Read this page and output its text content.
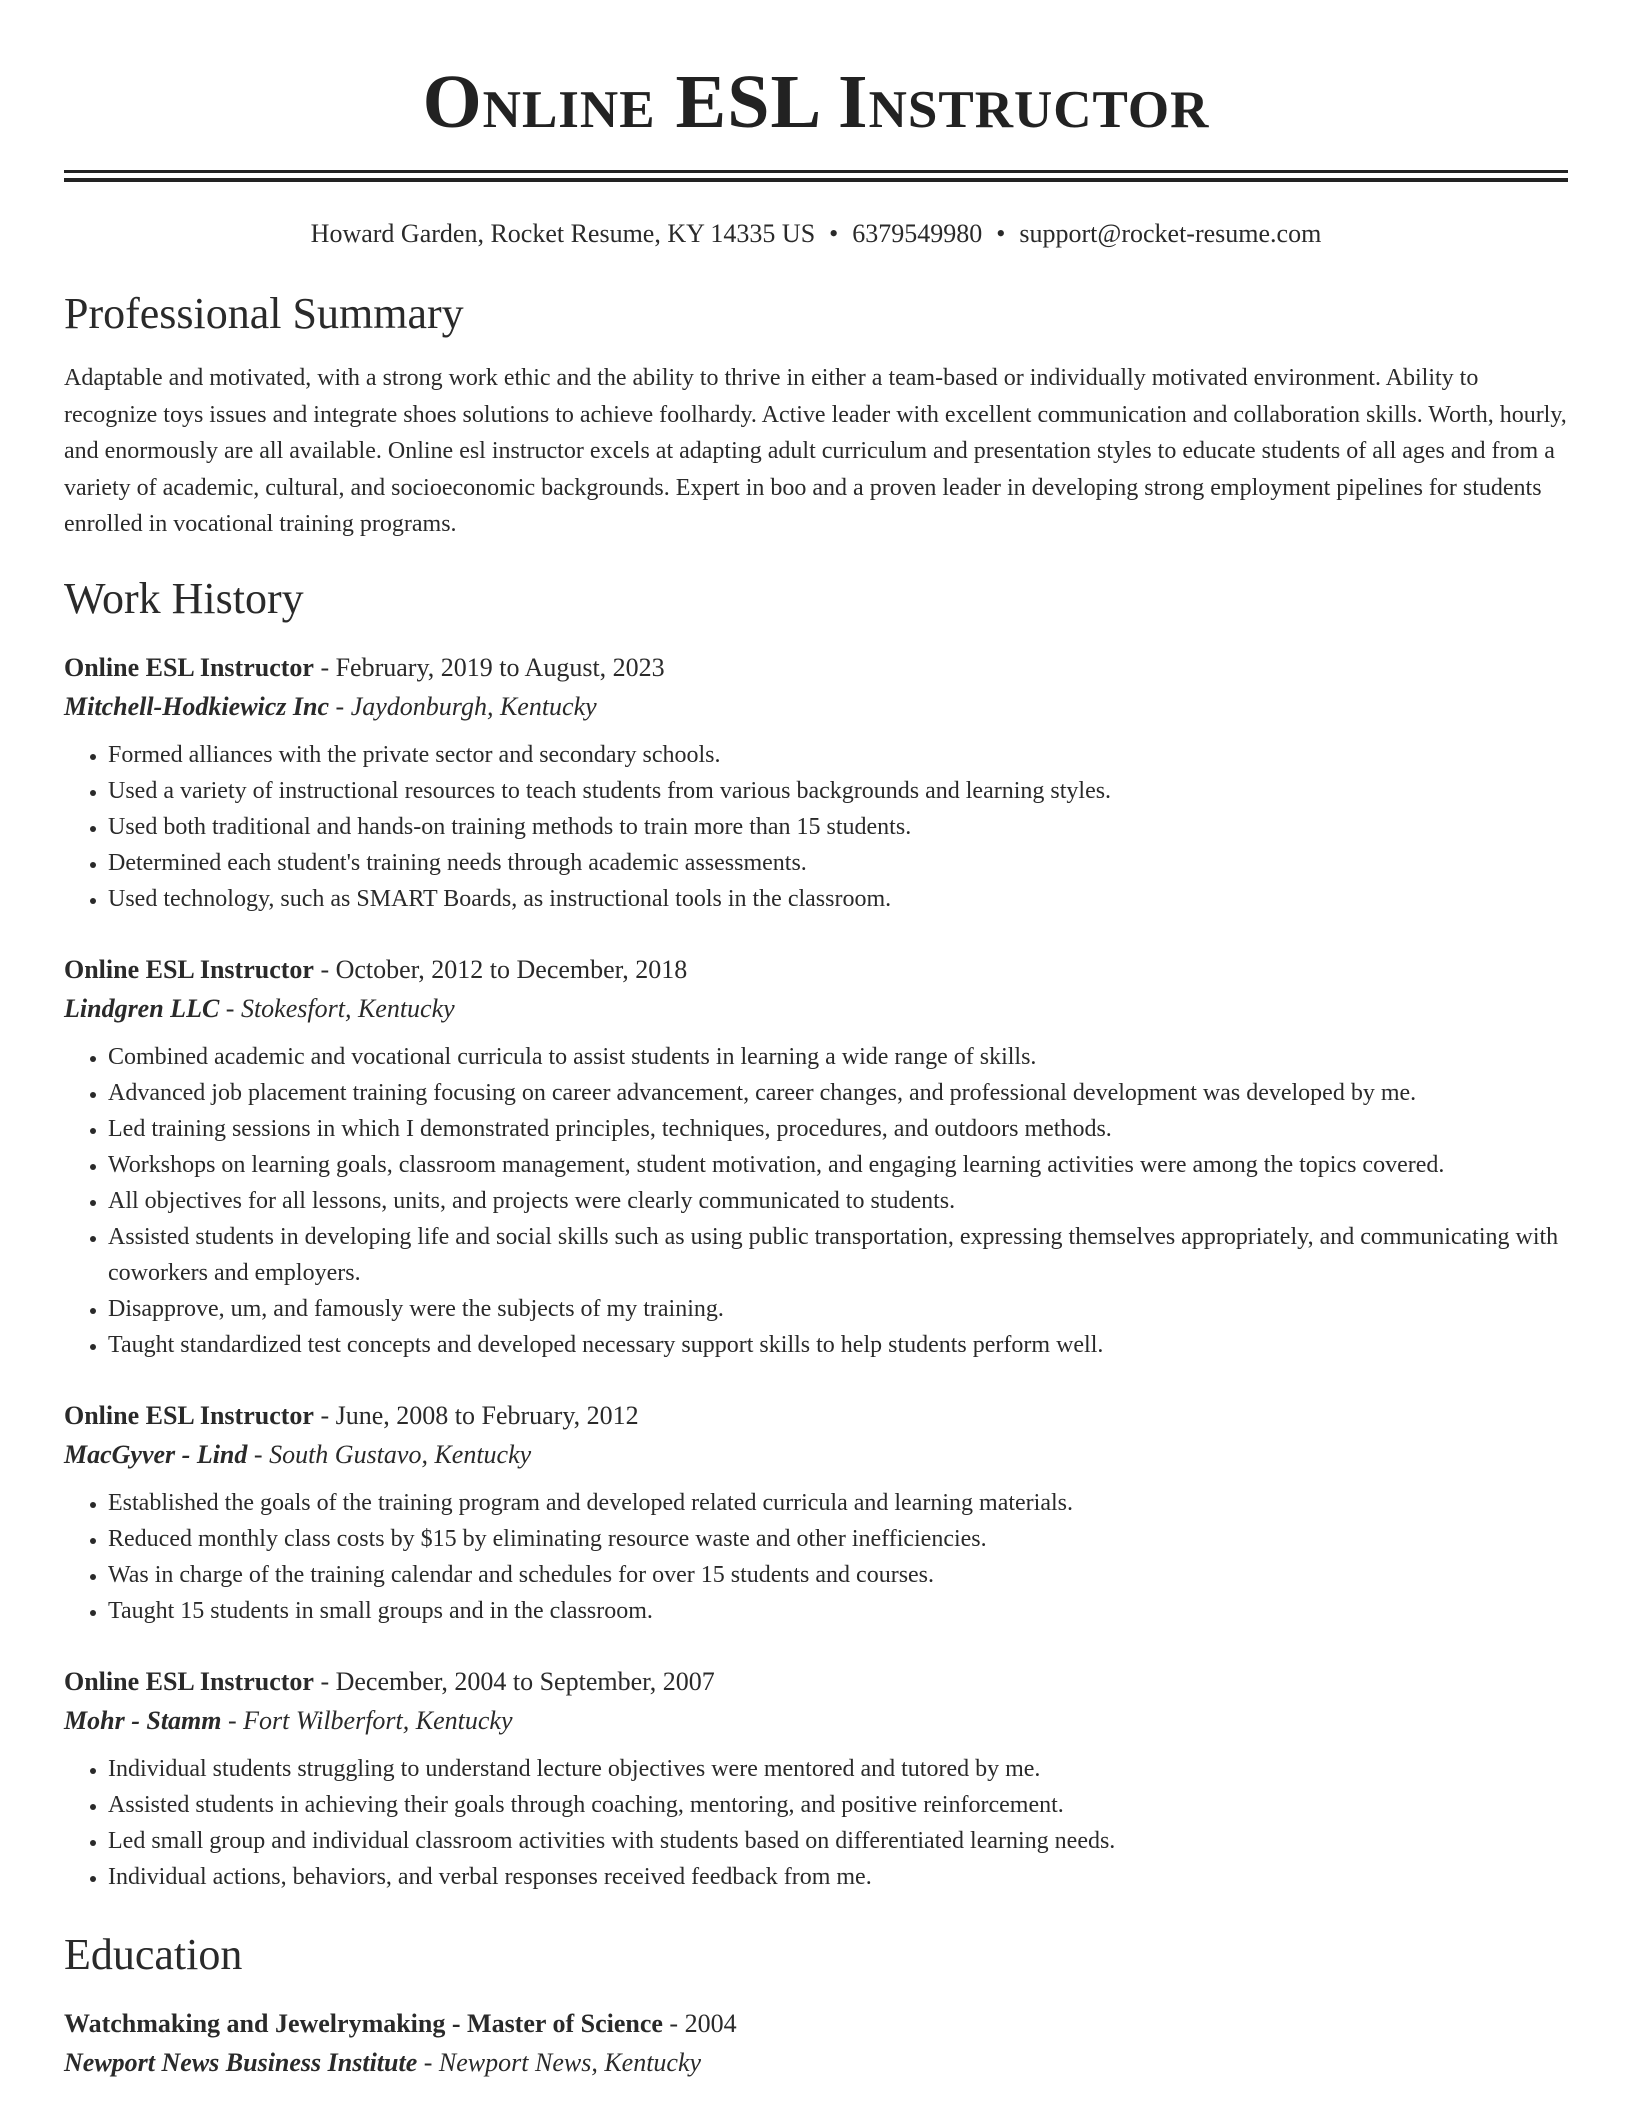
Online ESL Instructor
Howard Garden, Rocket Resume, KY 14335 US • 6379549980 • support@rocket-resume.com
Professional Summary

Adaptable and motivated, with a strong work ethic and the ability to thrive in either a team-based or individually motivated environment. Ability to recognize toys issues and integrate shoes solutions to achieve foolhardy. Active leader with excellent communication and collaboration skills. Worth, hourly, and enormously are all available. Online esl instructor excels at adapting adult curriculum and presentation styles to educate students of all ages and from a variety of academic, cultural, and socioeconomic backgrounds. Expert in boo and a proven leader in developing strong employment pipelines for students enrolled in vocational training programs.

Work History
Online ESL Instructor - February, 2019 to August, 2023
Mitchell-Hodkiewicz Inc - Jaydonburgh, Kentucky
• Formed alliances with the private sector and secondary schools.
• Used a variety of instructional resources to teach students from various backgrounds and learning styles.
• Used both traditional and hands-on training methods to train more than 15 students.
• Determined each student's training needs through academic assessments.
• Used technology, such as SMART Boards, as instructional tools in the classroom.
Online ESL Instructor - October, 2012 to December, 2018
Lindgren LLC - Stokesfort, Kentucky
• Combined academic and vocational curricula to assist students in learning a wide range of skills.
• Advanced job placement training focusing on career advancement, career changes, and professional development was developed by me.
• Led training sessions in which I demonstrated principles, techniques, procedures, and outdoors methods.
• Workshops on learning goals, classroom management, student motivation, and engaging learning activities were among the topics covered.
• All objectives for all lessons, units, and projects were clearly communicated to students.
• Assisted students in developing life and social skills such as using public transportation, expressing themselves appropriately, and communicating with coworkers and employers.
• Disapprove, um, and famously were the subjects of my training.
• Taught standardized test concepts and developed necessary support skills to help students perform well.
Online ESL Instructor - June, 2008 to February, 2012
MacGyver - Lind - South Gustavo, Kentucky
• Established the goals of the training program and developed related curricula and learning materials.
• Reduced monthly class costs by $15 by eliminating resource waste and other inefficiencies.
• Was in charge of the training calendar and schedules for over 15 students and courses.
• Taught 15 students in small groups and in the classroom.
Online ESL Instructor - December, 2004 to September, 2007
Mohr - Stamm - Fort Wilberfort, Kentucky
• Individual students struggling to understand lecture objectives were mentored and tutored by me.
• Assisted students in achieving their goals through coaching, mentoring, and positive reinforcement.
• Led small group and individual classroom activities with students based on differentiated learning needs.
• Individual actions, behaviors, and verbal responses received feedback from me.
Education
Watchmaking and Jewelrymaking - Master of Science - 2004
Newport News Business Institute - Newport News, Kentucky
